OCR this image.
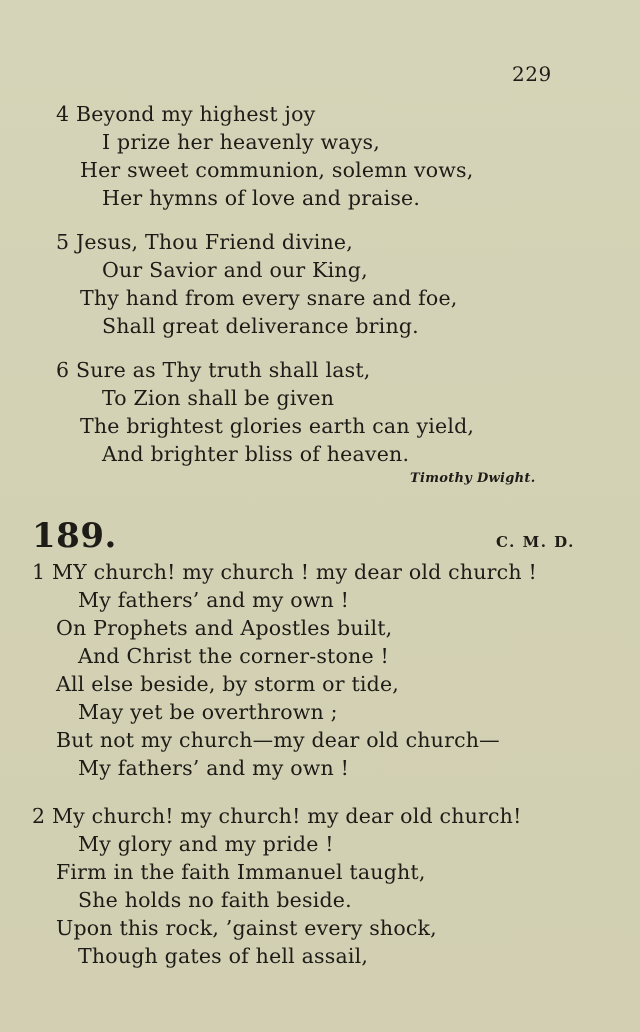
229
4 Beyond my highest joy
I prize her heavenly ways,
Her sweet communion, solemn vows,
Her hymns of love and praise.
5 Jesus, Thou Friend divine,
Our Savior and our King,
Thy hand from every snare and foe,
Shall great deliverance bring.
6 Sure as Thy truth shall last,
To Zion shall be given
The brightest glories earth can yield,
And brighter bliss of heaven.
Timothy Dwight.
189.	C. M. D.
1 MY church! my church ! my dear old church !
My fathers’ and my own !
On Prophets and Apostles built,
And Christ the corner-stone !
All else beside, by storm or tide,
May yet be overthrown ;
But not my church—my dear old church—
My fathers’ and my own !
2 My church! my church! my dear old church!
My glory and my pride !
Firm in the faith Immanuel taught,
She holds no faith beside.
Upon this rock, ’gainst every shock,
Though gates of hell assail,
